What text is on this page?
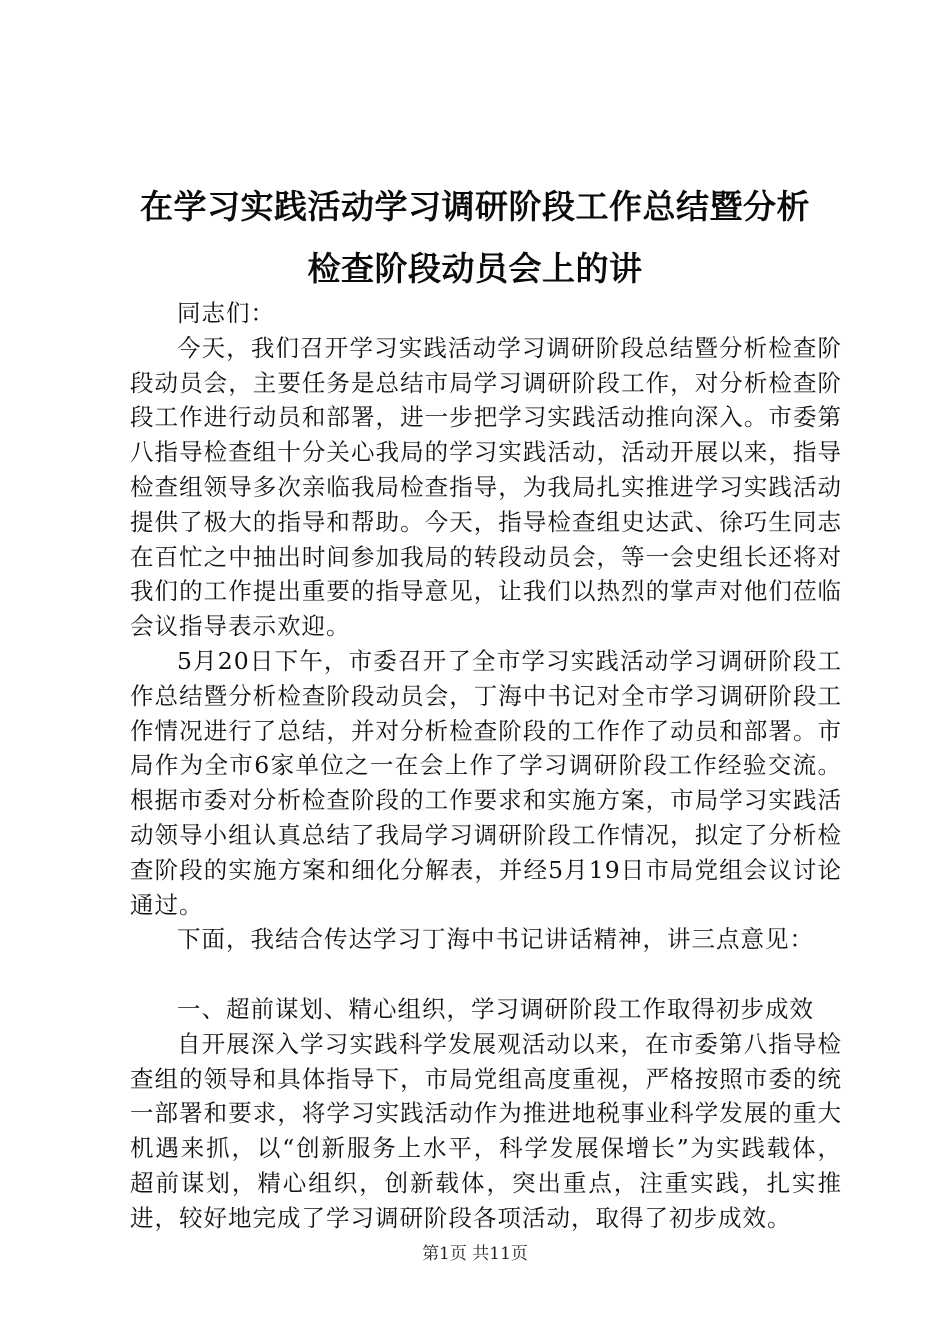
在学习实践活动学习调研阶段工作总结暨分析
检查阶段动员会上的讲

同志们：

今天，我们召开学习实践活动学习调研阶段总结暨分析检查阶段动员会，主要任务是总结市局学习调研阶段工作，对分析检查阶段工作进行动员和部署，进一步把学习实践活动推向深入。市委第八指导检查组十分关心我局的学习实践活动，活动开展以来，指导检查组领导多次亲临我局检查指导，为我局扎实推进学习实践活动提供了极大的指导和帮助。今天，指导检查组史达武、徐巧生同志在百忙之中抽出时间参加我局的转段动员会，等一会史组长还将对我们的工作提出重要的指导意见，让我们以热烈的掌声对他们莅临会议指导表示欢迎。

5月20日下午，市委召开了全市学习实践活动学习调研阶段工作总结暨分析检查阶段动员会，丁海中书记对全市学习调研阶段工作情况进行了总结，并对分析检查阶段的工作作了动员和部署。市局作为全市6家单位之一在会上作了学习调研阶段工作经验交流。根据市委对分析检查阶段的工作要求和实施方案，市局学习实践活动领导小组认真总结了我局学习调研阶段工作情况，拟定了分析检查阶段的实施方案和细化分解表，并经5月19日市局党组会议讨论通过。

下面，我结合传达学习丁海中书记讲话精神，讲三点意见：

一、超前谋划、精心组织，学习调研阶段工作取得初步成效

自开展深入学习实践科学发展观活动以来，在市委第八指导检查组的领导和具体指导下，市局党组高度重视，严格按照市委的统一部署和要求，将学习实践活动作为推进地税事业科学发展的重大机遇来抓，以“创新服务上水平，科学发展保增长”为实践载体，超前谋划，精心组织，创新载体，突出重点，注重实践，扎实推进，较好地完成了学习调研阶段各项活动，取得了初步成效。

第1页 共11页
